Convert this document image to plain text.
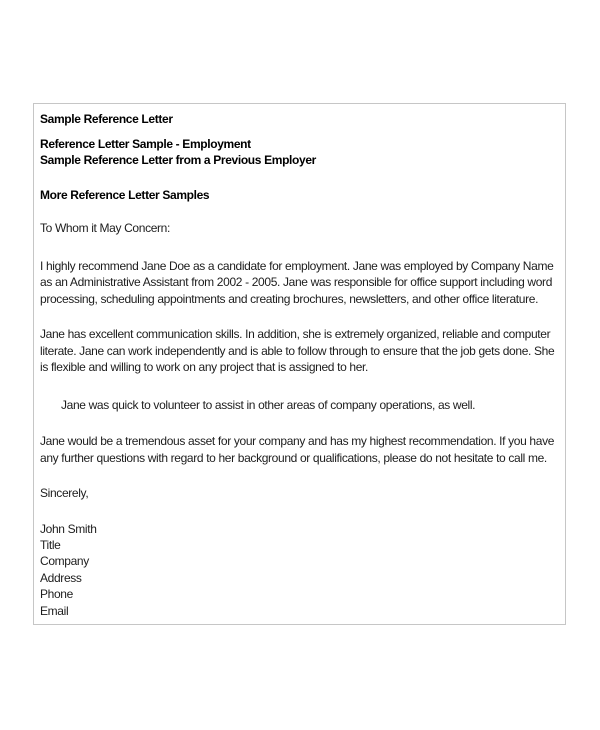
Sample Reference Letter
Reference Letter Sample - Employment
Sample Reference Letter from a Previous Employer
More Reference Letter Samples
To Whom it May Concern:

I highly recommend Jane Doe as a candidate for employment. Jane was employed by Company Name as an Administrative Assistant from 2002 - 2005. Jane was responsible for office support including word processing, scheduling appointments and creating brochures, newsletters, and other office literature.

Jane has excellent communication skills. In addition, she is extremely organized, reliable and computer literate. Jane can work independently and is able to follow through to ensure that the job gets done. She is flexible and willing to work on any project that is assigned to her.

Jane was quick to volunteer to assist in other areas of company operations, as well.

Jane would be a tremendous asset for your company and has my highest recommendation. If you have any further questions with regard to her background or qualifications, please do not hesitate to call me.

Sincerely,
John Smith
Title
Company
Address
Phone
Email
